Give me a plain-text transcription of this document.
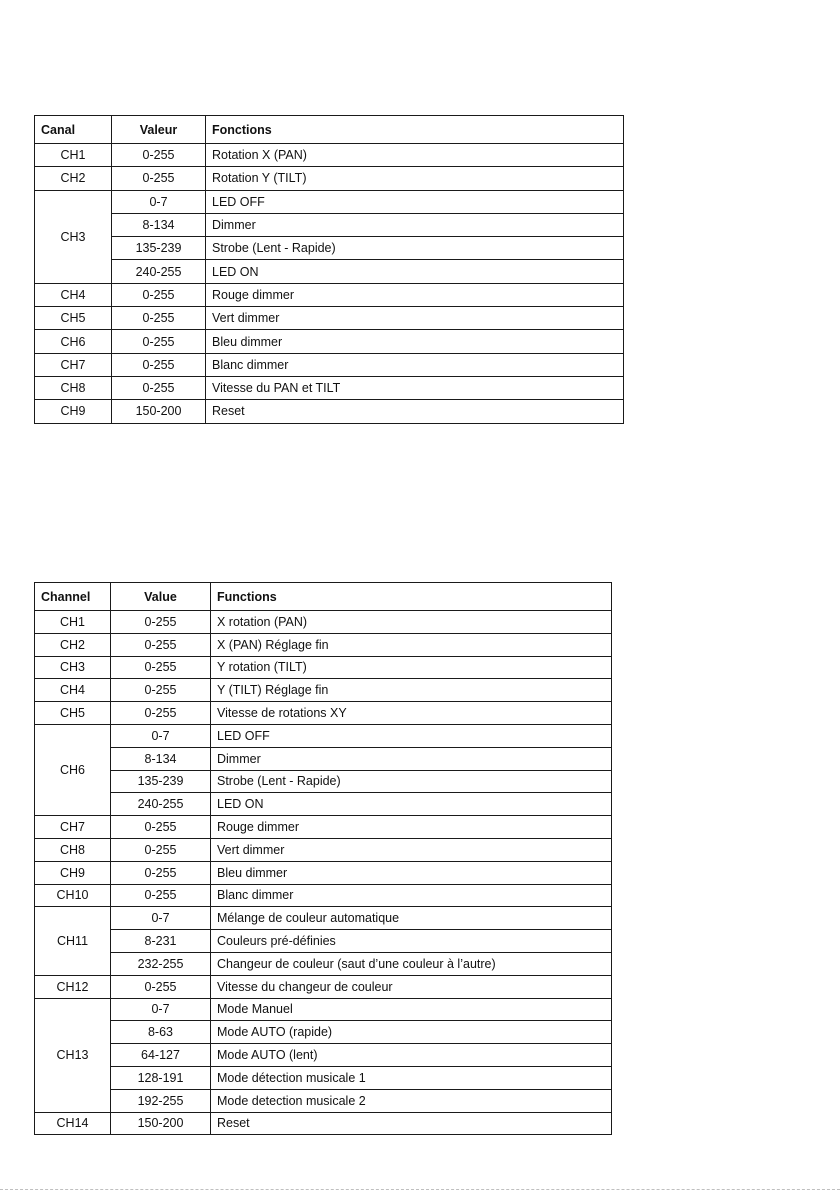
Canal	Valeur	Fonctions
CH1	0-255	Rotation X (PAN)
CH2	0-255	Rotation Y (TILT)
CH3	0-7	LED OFF
	8-134	Dimmer
	135-239	Strobe (Lent - Rapide)
	240-255	LED ON
CH4	0-255	Rouge dimmer
CH5	0-255	Vert dimmer
CH6	0-255	Bleu dimmer
CH7	0-255	Blanc dimmer
CH8	0-255	Vitesse du PAN et TILT
CH9	150-200	Reset
Channel	Value	Functions
CH1	0-255	X rotation (PAN)
CH2	0-255	X (PAN) Réglage fin
CH3	0-255	Y rotation (TILT)
CH4	0-255	Y (TILT) Réglage fin
CH5	0-255	Vitesse de rotations XY
CH6	0-7	LED OFF
	8-134	Dimmer
	135-239	Strobe (Lent - Rapide)
	240-255	LED ON
CH7	0-255	Rouge dimmer
CH8	0-255	Vert dimmer
CH9	0-255	Bleu dimmer
CH10	0-255	Blanc dimmer
CH11	0-7	Mélange de couleur automatique
	8-231	Couleurs pré-définies
	232-255	Changeur de couleur (saut d’une couleur à l’autre)
CH12	0-255	Vitesse du changeur de couleur
CH13	0-7	Mode Manuel
	8-63	Mode AUTO (rapide)
	64-127	Mode AUTO (lent)
	128-191	Mode détection musicale 1
	192-255	Mode detection musicale 2
CH14	150-200	Reset
